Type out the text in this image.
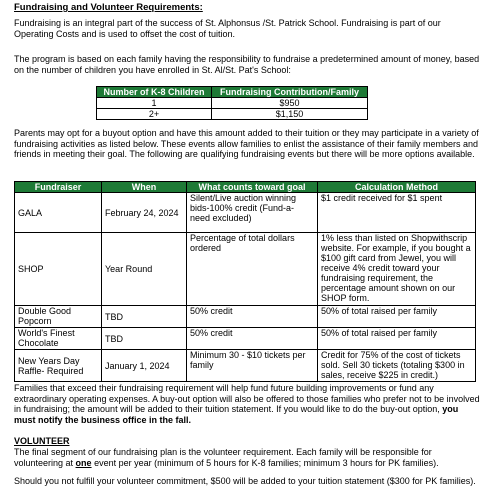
Fundraising and Volunteer Requirements:
Fundraising is an integral part of the success of St. Alphonsus /St. Patrick School. Fundraising is part of our Operating Costs and is used to offset the cost of tuition.
The program is based on each family having the responsibility to fundraise a predetermined amount of money, based on the number of children you have enrolled in St. Al/St. Pat's School:
Number of K-8 Children	Fundraising Contribution/Family
1	$950
2+	$1,150
Parents may opt for a buyout option and have this amount added to their tuition or they may participate in a variety of fundraising activities as listed below. These events allow families to enlist the assistance of their family members and friends in meeting their goal. The following are qualifying fundraising events but there will be more options available.
Fundraiser	When	What counts toward goal	Calculation Method
GALA	February 24, 2024	Silent/Live auction winning bids-100% credit (Fund-a-need excluded)	$1 credit received for $1 spent
SHOP	Year Round	Percentage of total dollars ordered	1% less than listed on Shopwithscrip website. For example, if you bought a $100 gift card from Jewel, you will receive 4% credit toward your fundraising requirement, the percentage amount shown on our SHOP form.
Double Good Popcorn	TBD	50% credit	50% of total raised per family
World's Finest Chocolate	TBD	50% credit	50% of total raised per family
New Years Day Raffle- Required	January 1, 2024	Minimum 30 - $10 tickets per family	Credit for 75% of the cost of tickets sold. Sell 30 tickets (totaling $300 in sales, receive $225 in credit.)
Families that exceed their fundraising requirement will help fund future building improvements or fund any extraordinary operating expenses. A buy-out option will also be offered to those families who prefer not to be involved in fundraising; the amount will be added to their tuition statement. If you would like to do the buy-out option, you must notify the business office in the fall.
VOLUNTEER
The final segment of our fundraising plan is the volunteer requirement. Each family will be responsible for volunteering at one event per year (minimum of 5 hours for K-8 families; minimum 3 hours for PK families).
Should you not fulfill your volunteer commitment, $500 will be added to your tuition statement ($300 for PK families).
